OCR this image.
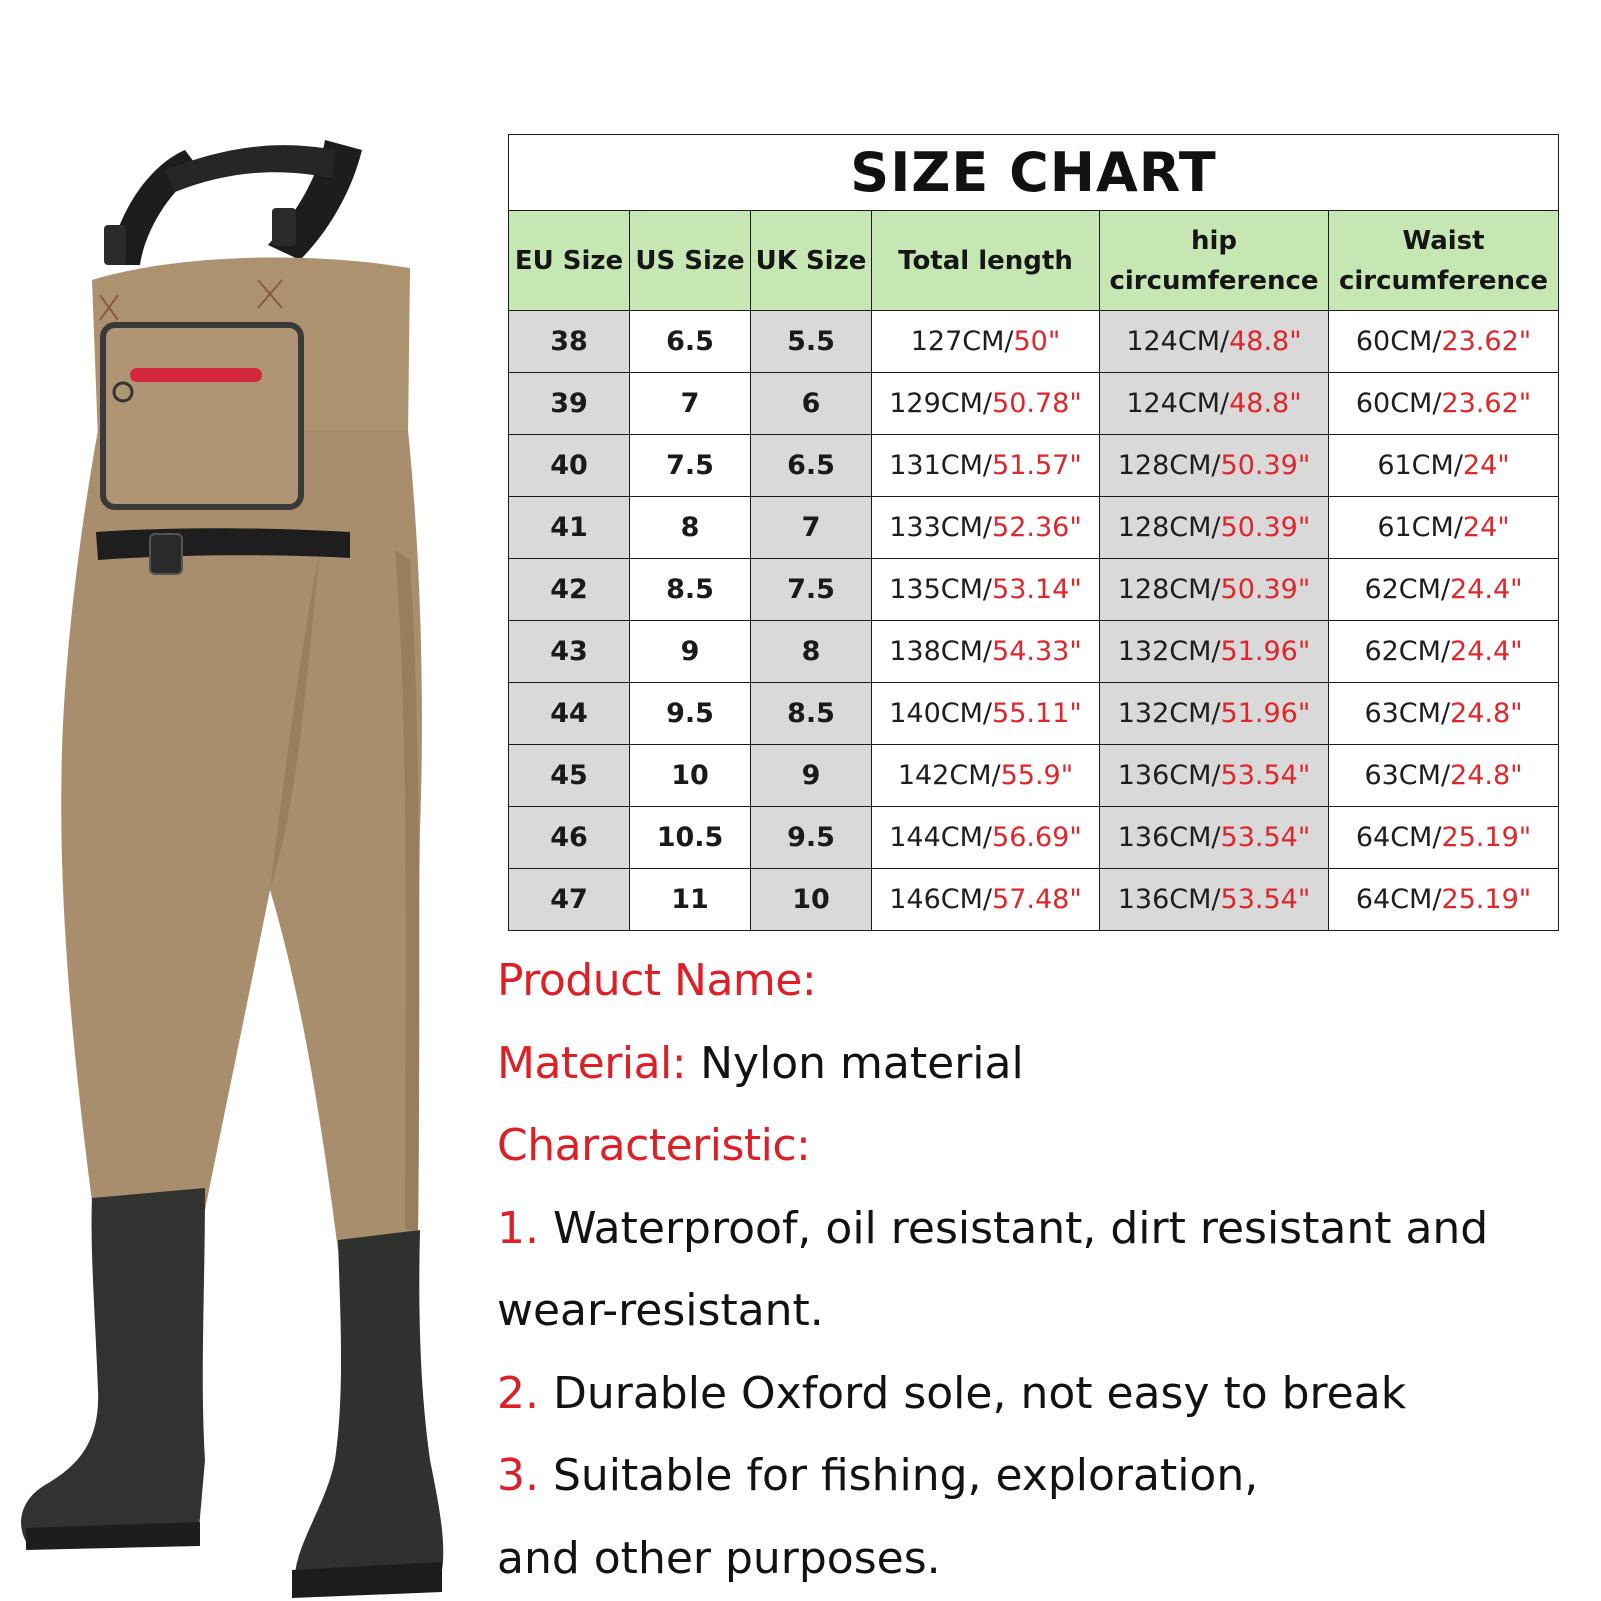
SIZE CHART					
EU Size	US Size	UK Size	Total length	hip circumference	Waist circumference
38	6.5	5.5	127CM/50"	124CM/48.8"	60CM/23.62"
39	7	6	129CM/50.78"	124CM/48.8"	60CM/23.62"
40	7.5	6.5	131CM/51.57"	128CM/50.39"	61CM/24"
41	8	7	133CM/52.36"	128CM/50.39"	61CM/24"
42	8.5	7.5	135CM/53.14"	128CM/50.39"	62CM/24.4"
43	9	8	138CM/54.33"	132CM/51.96"	62CM/24.4"
44	9.5	8.5	140CM/55.11"	132CM/51.96"	63CM/24.8"
45	10	9	142CM/55.9"	136CM/53.54"	63CM/24.8"
46	10.5	9.5	144CM/56.69"	136CM/53.54"	64CM/25.19"
47	11	10	146CM/57.48"	136CM/53.54"	64CM/25.19"
Product Name:
Material: Nylon material
Characteristic:
1. Waterproof, oil resistant, dirt resistant and
wear-resistant.
2. Durable Oxford sole, not easy to break
3. Suitable for fishing, exploration,
and other purposes.
